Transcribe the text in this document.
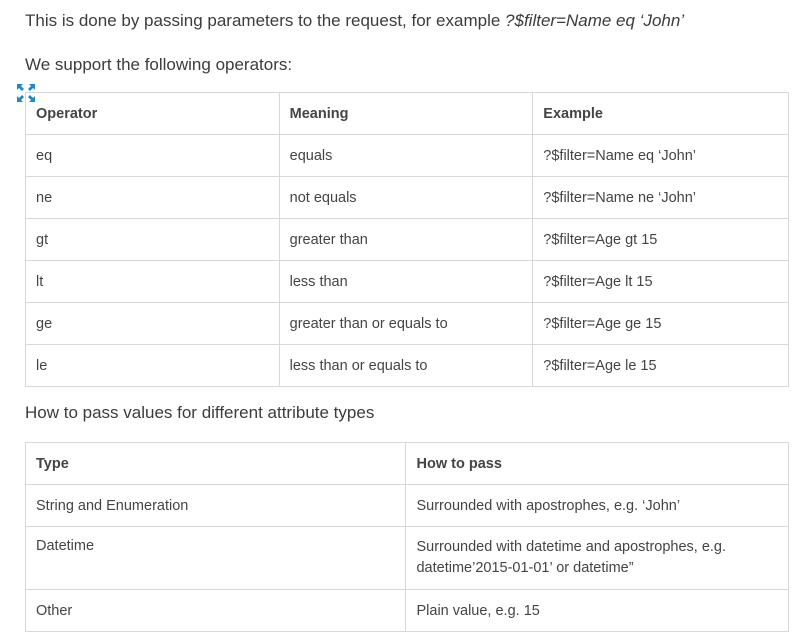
This is done by passing parameters to the request, for example ?$filter=Name eq ‘John’
We support the following operators:
Operator	Meaning	Example
eq	equals	?$filter=Name eq ‘John’
ne	not equals	?$filter=Name ne ‘John’
gt	greater than	?$filter=Age gt 15
lt	less than	?$filter=Age lt 15
ge	greater than or equals to	?$filter=Age ge 15
le	less than or equals to	?$filter=Age le 15
How to pass values for different attribute types
Type	How to pass
String and Enumeration	Surrounded with apostrophes, e.g. ‘John’
Datetime	Surrounded with datetime and apostrophes, e.g. datetime’2015-01-01’ or datetime”
Other	Plain value, e.g. 15
